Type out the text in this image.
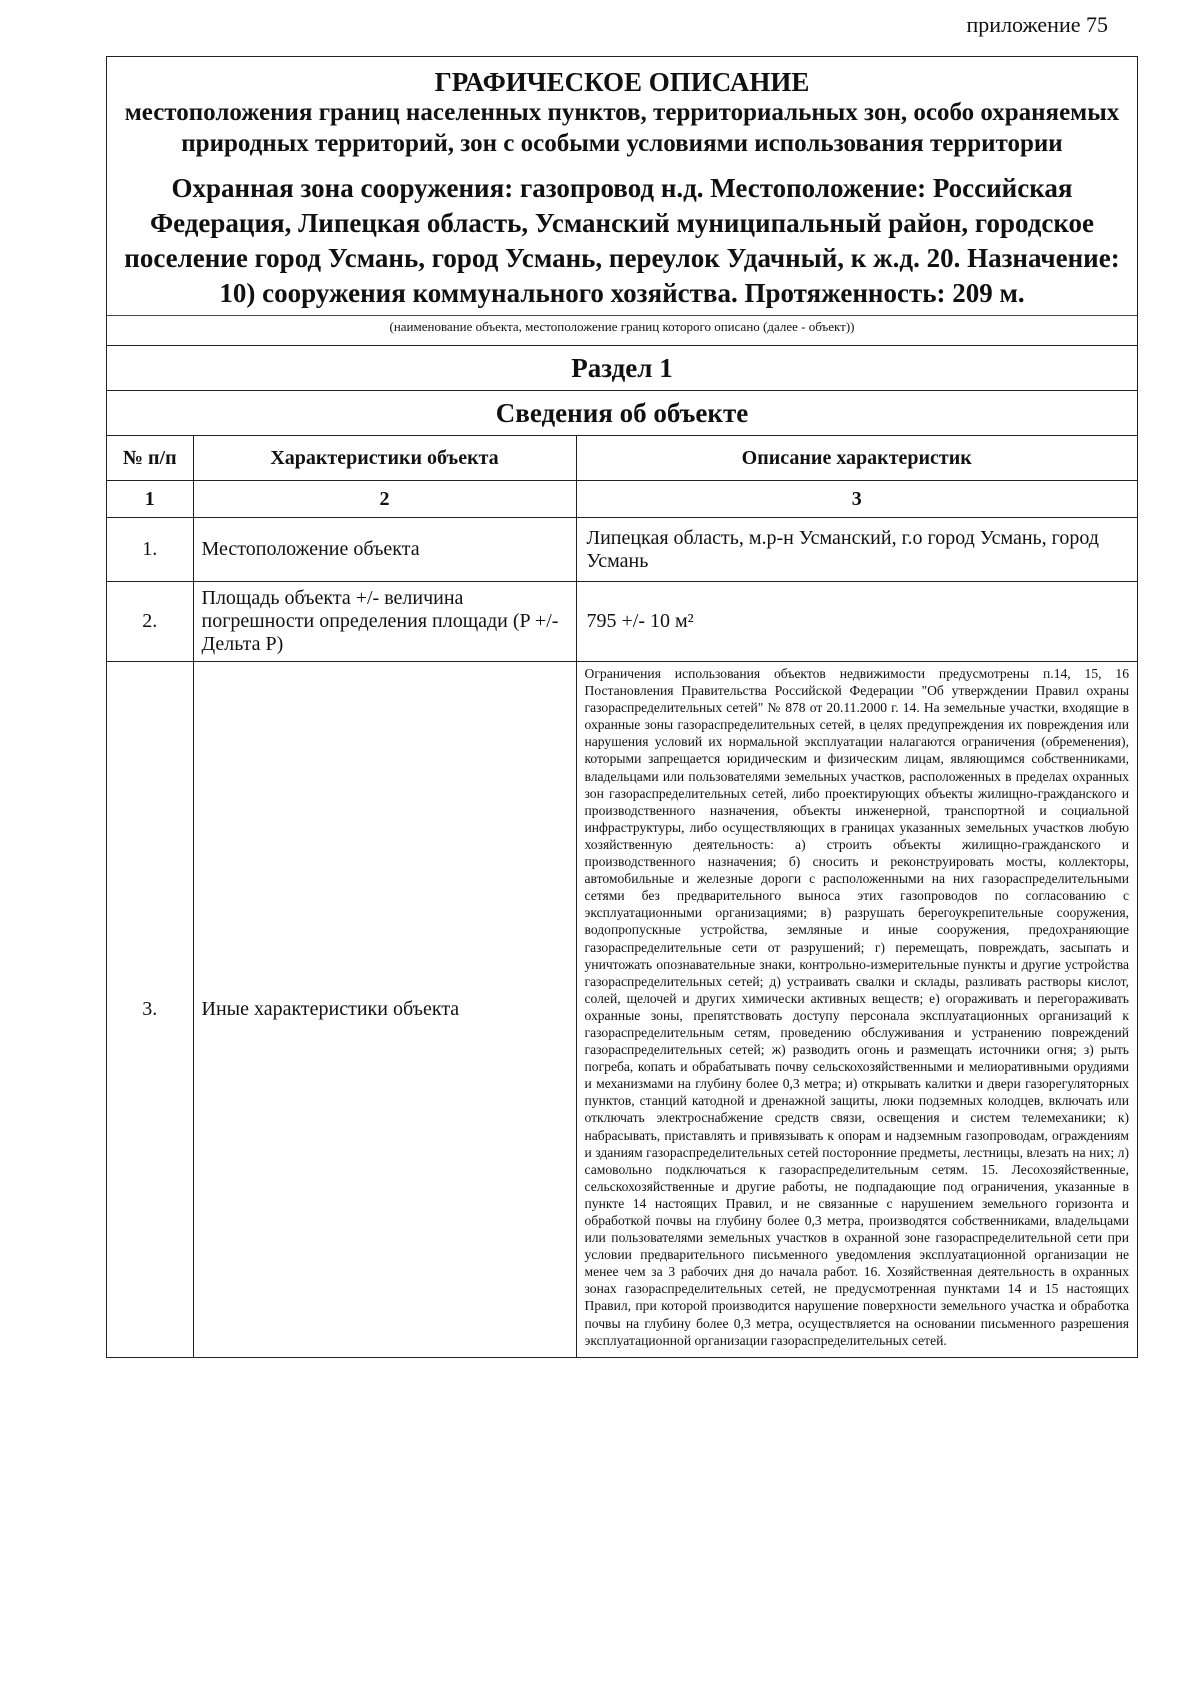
приложение 75
ГРАФИЧЕСКОЕ ОПИСАНИЕ
местоположения границ населенных пунктов, территориальных зон, особо охраняемых природных территорий, зон с особыми условиями использования территории
Охранная зона сооружения: газопровод н.д. Местоположение: Российская Федерация, Липецкая область, Усманский муниципальный район, городское поселение город Усмань, город Усмань, переулок Удачный, к ж.д. 20. Назначение: 10) сооружения коммунального хозяйства. Протяженность: 209 м.
(наименование объекта, местоположение границ которого описано (далее - объект))
Раздел 1
Сведения об объекте
№ п/п	Характеристики объекта	Описание характеристик
1	2	3
1.	Местоположение объекта	Липецкая область, м.р-н Усманский, г.о город Усмань, город Усмань
2.	Площадь объекта +/- величина погрешности определения площади (P +/- Дельта P)	795 +/- 10 м²
3.	Иные характеристики объекта	Ограничения использования объектов недвижимости предусмотрены п.14, 15, 16 Постановления Правительства Российской Федерации "Об утверждении Правил охраны газораспределительных сетей" № 878 от 20.11.2000 г. 14. На земельные участки, входящие в охранные зоны газораспределительных сетей, в целях предупреждения их повреждения или нарушения условий их нормальной эксплуатации налагаются ограничения (обременения), которыми запрещается юридическим и физическим лицам, являющимся собственниками, владельцами или пользователями земельных участков, расположенных в пределах охранных зон газораспределительных сетей, либо проектирующих объекты жилищно-гражданского и производственного назначения, объекты инженерной, транспортной и социальной инфраструктуры, либо осуществляющих в границах указанных земельных участков любую хозяйственную деятельность: а) строить объекты жилищно-гражданского и производственного назначения; б) сносить и реконструировать мосты, коллекторы, автомобильные и железные дороги с расположенными на них газораспределительными сетями без предварительного выноса этих газопроводов по согласованию с эксплуатационными организациями; в) разрушать берегоукрепительные сооружения, водопропускные устройства, земляные и иные сооружения, предохраняющие газораспределительные сети от разрушений; г) перемещать, повреждать, засыпать и уничтожать опознавательные знаки, контрольно-измерительные пункты и другие устройства газораспределительных сетей; д) устраивать свалки и склады, разливать растворы кислот, солей, щелочей и других химически активных веществ; е) огораживать и перегораживать охранные зоны, препятствовать доступу персонала эксплуатационных организаций к газораспределительным сетям, проведению обслуживания и устранению повреждений газораспределительных сетей; ж) разводить огонь и размещать источники огня; з) рыть погреба, копать и обрабатывать почву сельскохозяйственными и мелиоративными орудиями и механизмами на глубину более 0,3 метра; и) открывать калитки и двери газорегуляторных пунктов, станций катодной и дренажной защиты, люки подземных колодцев, включать или отключать электроснабжение средств связи, освещения и систем телемеханики; к) набрасывать, приставлять и привязывать к опорам и надземным газопроводам, ограждениям и зданиям газораспределительных сетей посторонние предметы, лестницы, влезать на них; л) самовольно подключаться к газораспределительным сетям. 15. Лесохозяйственные, сельскохозяйственные и другие работы, не подпадающие под ограничения, указанные в пункте 14 настоящих Правил, и не связанные с нарушением земельного горизонта и обработкой почвы на глубину более 0,3 метра, производятся собственниками, владельцами или пользователями земельных участков в охранной зоне газораспределительной сети при условии предварительного письменного уведомления эксплуатационной организации не менее чем за 3 рабочих дня до начала работ. 16. Хозяйственная деятельность в охранных зонах газораспределительных сетей, не предусмотренная пунктами 14 и 15 настоящих Правил, при которой производится нарушение поверхности земельного участка и обработка почвы на глубину более 0,3 метра, осуществляется на основании письменного разрешения эксплуатационной организации газораспределительных сетей.
